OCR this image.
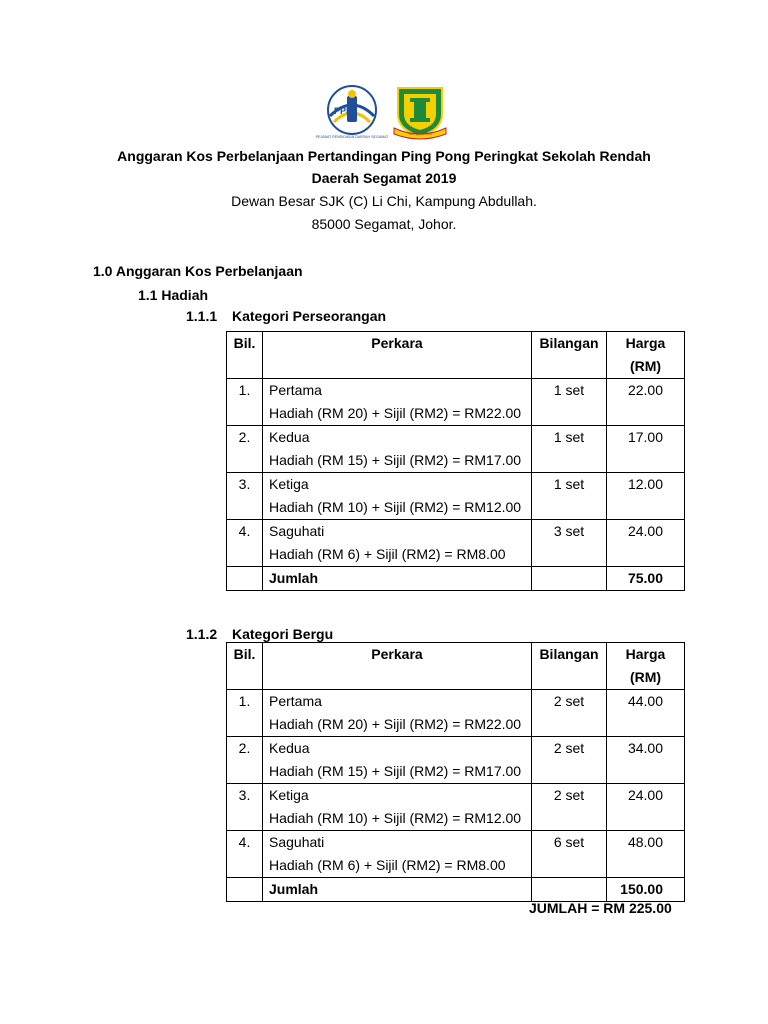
PPD
PEJABAT PENDIDIKAN DAERAH SEGAMAT
SJK (C) LI CHI
Anggaran Kos Perbelanjaan Pertandingan Ping Pong Peringkat Sekolah Rendah
Daerah Segamat 2019
Dewan Besar SJK (C) Li Chi, Kampung Abdullah.
85000 Segamat, Johor.
1.0 Anggaran Kos Perbelanjaan
1.1 Hadiah
1.1.1 Kategori Perseorangan
Bil.	Perkara	Bilangan	Harga
(RM)

1.	Pertama
Hadiah (RM 20) + Sijil (RM2) = RM22.00	1 set	22.00
2.	Kedua
Hadiah (RM 15) + Sijil (RM2) = RM17.00	1 set	17.00
3.	Ketiga
Hadiah (RM 10) + Sijil (RM2) = RM12.00	1 set	12.00
4.	Saguhati
Hadiah (RM 6) + Sijil (RM2) = RM8.00	3 set	24.00
	Jumlah		75.00
1.1.2 Kategori Bergu
Bil.	Perkara	Bilangan	Harga
(RM)

1.	Pertama
Hadiah (RM 20) + Sijil (RM2) = RM22.00	2 set	44.00
2.	Kedua
Hadiah (RM 15) + Sijil (RM2) = RM17.00	2 set	34.00
3.	Ketiga
Hadiah (RM 10) + Sijil (RM2) = RM12.00	2 set	24.00
4.	Saguhati
Hadiah (RM 6) + Sijil (RM2) = RM8.00	6 set	48.00
	Jumlah		150.00
JUMLAH = RM 225.00
